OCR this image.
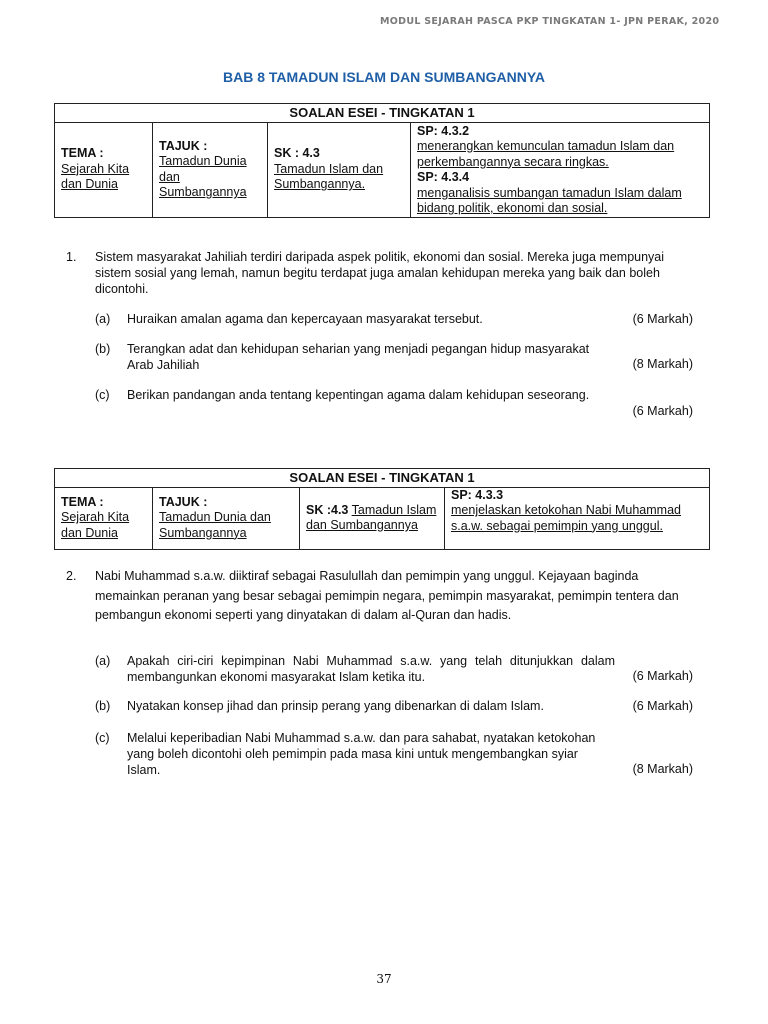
MODUL SEJARAH PASCA PKP TINGKATAN 1- JPN PERAK, 2020
BAB 8 TAMADUN ISLAM DAN SUMBANGANNYA
SOALAN ESEI - TINGKATAN 1

TEMA :
Sejarah Kita dan Dunia

TAJUK :
Tamadun Dunia dan Sumbangannya

SK : 4.3
Tamadun Islam dan Sumbangannya.

SP: 4.3.2
menerangkan kemunculan tamadun Islam dan perkembangannya secara ringkas.
SP: 4.3.4
menganalisis sumbangan tamadun Islam dalam bidang politik, ekonomi dan sosial.
1. Sistem masyarakat Jahiliah terdiri daripada aspek politik, ekonomi dan sosial. Mereka juga mempunyai sistem sosial yang lemah, namun begitu terdapat juga amalan kehidupan mereka yang baik dan boleh dicontohi.
(a) Huraikan amalan agama dan kepercayaan masyarakat tersebut.	(6 Markah)
(b) Terangkan adat dan kehidupan seharian yang menjadi pegangan hidup masyarakat Arab Jahiliah	(8 Markah)
(c) Berikan pandangan anda tentang kepentingan agama dalam kehidupan seseorang.
(6 Markah)
SOALAN ESEI - TINGKATAN 1

TEMA :
Sejarah Kita dan Dunia

TAJUK :
Tamadun Dunia dan Sumbangannya
	SK :4.3 Tamadun Islam dan Sumbangannya	
SP: 4.3.3
menjelaskan ketokohan Nabi Muhammad s.a.w. sebagai pemimpin yang unggul.
2. Nabi Muhammad s.a.w. diiktiraf sebagai Rasulullah dan pemimpin yang unggul. Kejayaan baginda memainkan peranan yang besar sebagai pemimpin negara, pemimpin masyarakat, pemimpin tentera dan pembangun ekonomi seperti yang dinyatakan di dalam al-Quran dan hadis.
(a) Apakah ciri-ciri kepimpinan Nabi Muhammad s.a.w. yang telah ditunjukkan dalam membangunkan ekonomi masyarakat Islam ketika itu.	(6 Markah)
(b) Nyatakan konsep jihad dan prinsip perang yang dibenarkan di dalam Islam.	(6 Markah)
(c) Melalui keperibadian Nabi Muhammad s.a.w. dan para sahabat, nyatakan ketokohan yang boleh dicontohi oleh pemimpin pada masa kini untuk mengembangkan syiar Islam.	(8 Markah)
37
